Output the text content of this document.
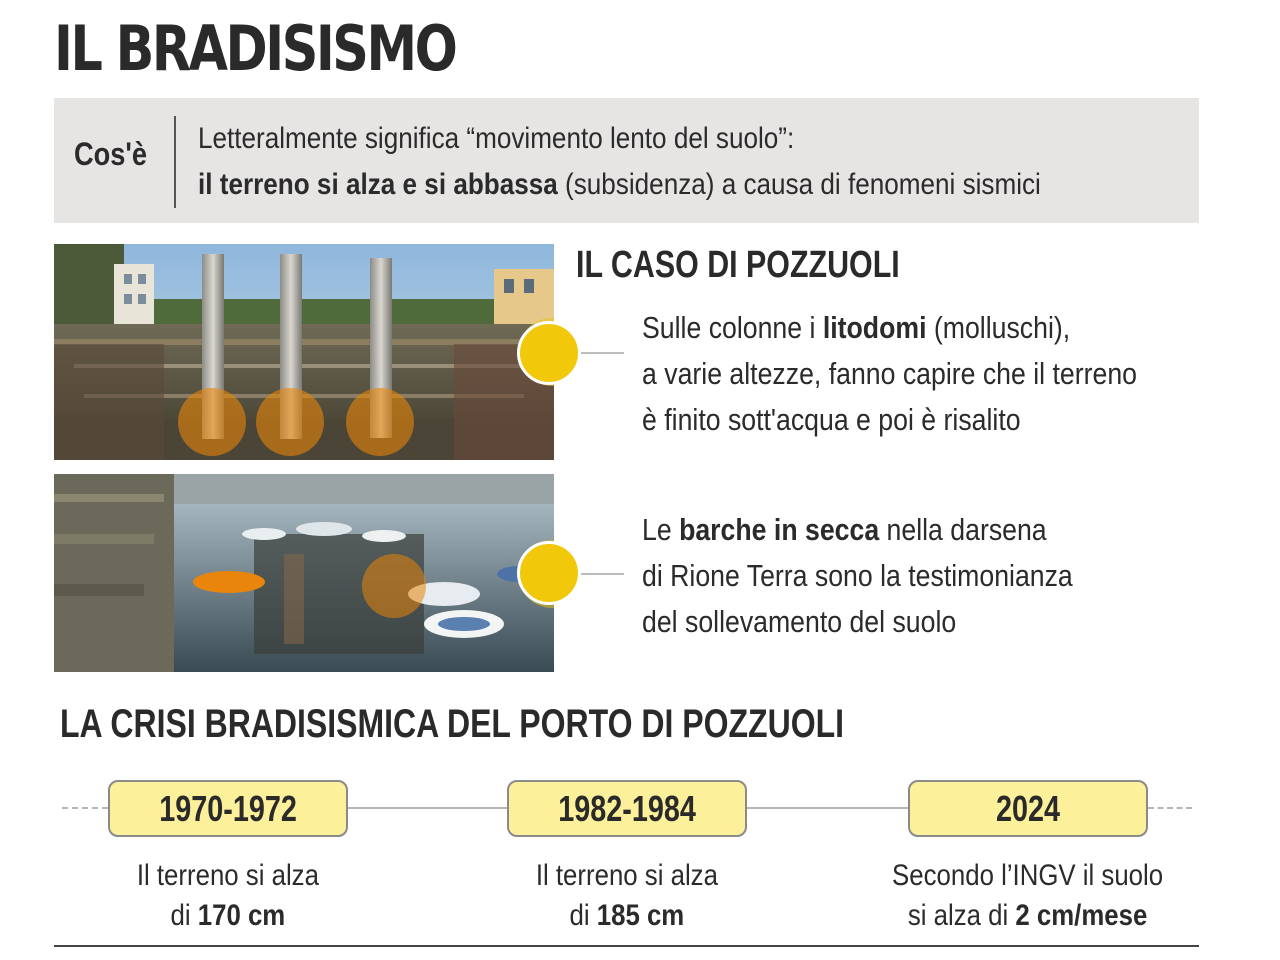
IL BRADISISMO
Cos'è Letteralmente significa “movimento lento del suolo”:
il terreno si alza e si abbassa (subsidenza) a causa di fenomeni sismici
IL CASO DI POZZUOLI
Sulle colonne i litodomi (molluschi),
a varie altezze, fanno capire che il terreno
è finito sott'acqua e poi è risalito
Le barche in secca nella darsena
di Rione Terra sono la testimonianza
del sollevamento del suolo
LA CRISI BRADISISMICA DEL PORTO DI POZZUOLI
1970-1972	1982-1984	2024
Il terreno si alza
di 170 cm
Il terreno si alza
di 185 cm
Secondo l’INGV il suolo
si alza di 2 cm/mese
